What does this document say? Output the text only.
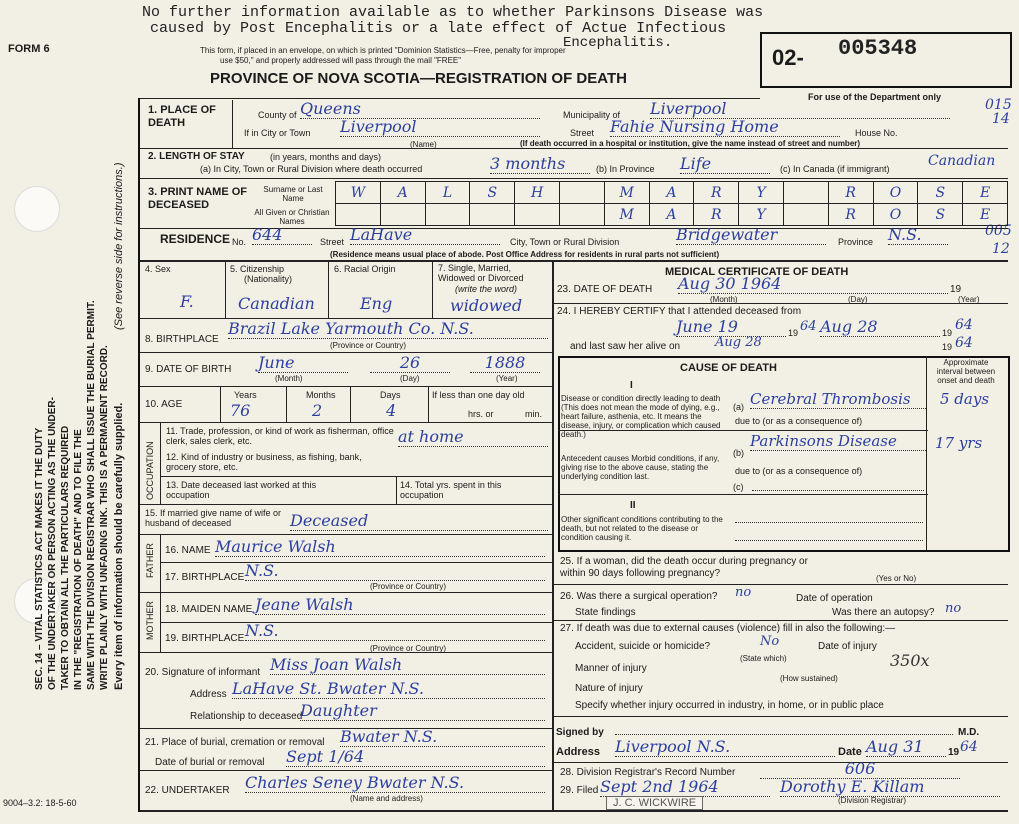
No further information available as to whether Parkinsons Disease was
caused by Post Encephalitis or a late effect of Actue Infectious
Encephalitis.
FORM 6	This form, if placed in an envelope, on which is printed "Dominion Statistics—Free, penalty for improper
use $50," and properly addressed will pass through the mail "FREE"
PROVINCE OF NOVA SCOTIA—REGISTRATION OF DEATH
02- 005348
For use of the Department only	015
14
005
12
SEC. 14 – VITAL STATISTICS ACT MAKES IT THE DUTY OF THE UNDERTAKER OR PERSON ACTING AS THE UNDER- TAKER TO OBTAIN ALL THE PARTICULARS REQUIRED IN THE "REGISTRATION OF DEATH" AND TO FILE THE SAME WITH THE DIVISION REGISTRAR WHO SHALL ISSUE THE BURIAL PERMIT. WRITE PLAINLY WITH UNFADING INK. THIS IS A PERMANENT RECORD. Every item of information should be carefully supplied.
(See reverse side for instructions.)
1. PLACE OF DEATH
County of Queens	Municipality of Liverpool
If in City or Town Liverpool
(Name)
Street Fahie Nursing Home	House No.
(If death occurred in a hospital or institution, give the name instead of street and number)
2. LENGTH OF STAY	(in years, months and days)
(a) In City, Town or Rural Division where death occurred	3 months	(b) In Province Life	(c) In Canada (if immigrant)	Canadian
3. PRINT NAME OF DECEASED
Surname or Last Name
All Given or Christian Names
W	A	L	S	H	M	A	R	Y	R	O	S	E
M	A	R	Y	R	O	S	E
RESIDENCE No. 644	Street LaHave	City, Town or Rural Division	Bridgewater	Province N.S.
(Residence means usual place of abode. Post Office Address for residents in rural parts not sufficient)
4. Sex
F.
5. Citizenship
(Nationality)
Canadian
6. Racial Origin
Eng
7. Single, Married, Widowed or Divorced
(write the word)
widowed
8. BIRTHPLACE
Brazil Lake Yarmouth Co. N.S.
(Province or Country)
9. DATE OF BIRTH June	26	1888
(Month)	(Day)	(Year)
10. AGE
Years
76
Months
2
Days
4
If less than one day old
hrs. or	min.
OCCUPATION
11. Trade, profession, or kind of work as fisherman, office clerk, sales clerk, etc.	at home
12. Kind of industry or business, as fishing, bank, grocery store, etc.
13. Date deceased last worked at this occupation
14. Total yrs. spent in this occupation
15. If married give name of wife or husband of deceased	Deceased
FATHER 16. NAME Maurice Walsh
17. BIRTHPLACE N.S.
(Province or Country)
MOTHER 18. MAIDEN NAME Jeane Walsh
19. BIRTHPLACE N.S.
(Province or Country)
20. Signature of informant Miss Joan Walsh
Address LaHave St. Bwater N.S.
Relationship to deceased
Daughter
21. Place of burial, cremation or removal Bwater N.S.
Date of burial or removal Sept 1/64
22. UNDERTAKER Charles Seney Bwater N.S.
(Name and address)
9004–3.2: 18-5-60
MEDICAL CERTIFICATE OF DEATH
23. DATE OF DEATH Aug 30 1964	19
(Month)	(Day)	(Year)
24. I HEREBY CERTIFY that I attended deceased from
June 19	19 64 Aug 28	19 64
and last saw her alive on	Aug 28	19 64
CAUSE OF DEATH	Approximate interval between onset and death
I
Disease or condition directly leading to death (This does not mean the mode of dying, e.g., heart failure, asthenia, etc. It means the disease, injury, or complication which caused death.)
(a) Cerebral Thrombosis	5 days
due to (or as a consequence of)
Parkinsons Disease	17 yrs
(b)
Antecedent causes Morbid conditions, if any, giving rise to the above cause, stating the underlying condition last.
due to (or as a consequence of)
(c)
II
Other significant conditions contributing to the death, but not related to the disease or condition causing it.
25. If a woman, did the death occur during pregnancy or within 90 days following pregnancy?	(Yes or No)
26. Was there a surgical operation? no	Date of operation
State findings	Was there an autopsy? no
27. If death was due to external causes (violence) fill in also the following:—
Accident, suicide or homicide?	No	Date of injury
(State which)
Manner of injury	350x
(How sustained)
Nature of injury
Specify whether injury occurred in industry, in home, or in public place
Signed by	M.D.
Address Liverpool N.S.	Date Aug 31	19 64
28. Division Registrar's Record Number	606
29. Filed Sept 2nd 1964	Dorothy E. Killam
(Division Registrar)
J. C. WICKWIRE
